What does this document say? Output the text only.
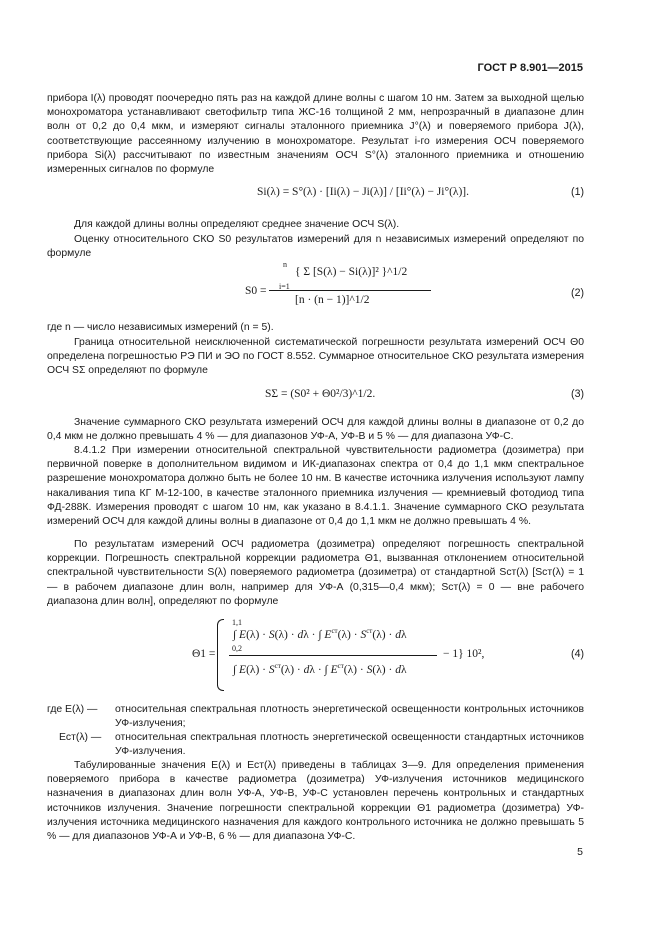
ГОСТ Р 8.901—2015

прибора I(λ) проводят поочередно пять раз на каждой длине волны с шагом 10 нм. Затем за выходной щелью монохроматора устанавливают светофильтр типа ЖС-16 толщиной 2 мм, непрозрачный в диапазоне длин волн от 0,2 до 0,4 мкм, и измеряют сигналы эталонного приемника J°(λ) и поверяемого прибора J(λ), соответствующие рассеянному излучению в монохроматоре. Результат i-го измерения ОСЧ поверяемого прибора Si(λ) рассчитывают по известным значениям ОСЧ S°(λ) эталонного приемника и отношению измеренных сигналов по формуле

Si(λ) = S°(λ) · [Ii(λ) − Ji(λ)] / [Ii°(λ) − Ji°(λ)].	(1)

Для каждой длины волны определяют среднее значение ОСЧ S(λ).

Оценку относительного СКО S0 результатов измерений для n независимых измерений определяют по формуле

S0 =
n
i=1
{ Σ [S(λ) − Si(λ)]² }^1/2
[n · (n − 1)]^1/2
(2)

где n — число независимых измерений (n = 5).

Граница относительной неисключенной систематической погрешности результата измерений ОСЧ Θ0 определена погрешностью РЭ ПИ и ЭО по ГОСТ 8.552. Суммарное относительное СКО результата измерения ОСЧ SΣ определяют по формуле

SΣ = (S0² + Θ0²/3)^1/2.	(3)

Значение суммарного СКО результата измерений ОСЧ для каждой длины волны в диапазоне от 0,2 до 0,4 мкм не должно превышать 4 % — для диапазонов УФ-А, УФ-В и 5 % — для диапазона УФ-С.

8.4.1.2 При измерении относительной спектральной чувствительности радиометра (дозиметра) при первичной поверке в дополнительном видимом и ИК-диапазонах спектра от 0,4 до 1,1 мкм спектральное разрешение монохроматора должно быть не более 10 нм. В качестве источника излучения используют лампу накаливания типа КГ М-12-100, в качестве эталонного приемника излучения — кремниевый фотодиод типа ФД-288К. Измерения проводят с шагом 10 нм, как указано в 8.4.1.1. Значение суммарного СКО результата измерений ОСЧ для каждой длины волны в диапазоне от 0,4 до 1,1 мкм не должно превышать 4 %.

По результатам измерений ОСЧ радиометра (дозиметра) определяют погрешность спектральной коррекции. Погрешность спектральной коррекции радиометра Θ1, вызванная отклонением относительной спектральной чувствительности S(λ) поверяемого радиометра (дозиметра) от стандартной Sст(λ) [Sст(λ) = 1 — в рабочем диапазоне длин волн, например для УФ-А (0,315—0,4 мкм); Sст(λ) = 0 — вне рабочего диапазона длин волн], определяют по формуле

Θ1 =
1,1
∫ E(λ) · S(λ) · dλ · ∫ $E^{ст}(\lambda) \cdot S^{ст}(\lambda) \cdot d\lambda$
0,2
∫ $E(\lambda) \cdot S^{ст}(\lambda) \cdot d\lambda$ · ∫ $E^{ст}(\lambda) \cdot S(\lambda) \cdot d\lambda$
− 1} 10²,	(4)
где E(λ) — относительная спектральная плотность энергетической освещенности контрольных источников УФ-излучения;
Eст(λ) — относительная спектральная плотность энергетической освещенности стандартных источников УФ-излучения.

Табулированные значения E(λ) и Eст(λ) приведены в таблицах 3—9. Для определения применения поверяемого прибора в качестве радиометра (дозиметра) УФ-излучения источников медицинского назначения в диапазонах длин волн УФ-А, УФ-В, УФ-С установлен перечень контрольных и стандартных источников излучения. Значение погрешности спектральной коррекции Θ1 радиометра (дозиметра) УФ-излучения источника медицинского назначения для каждого контрольного источника не должно превышать 5 % — для диапазонов УФ-А и УФ-В, 6 % — для диапазона УФ-С.

5
